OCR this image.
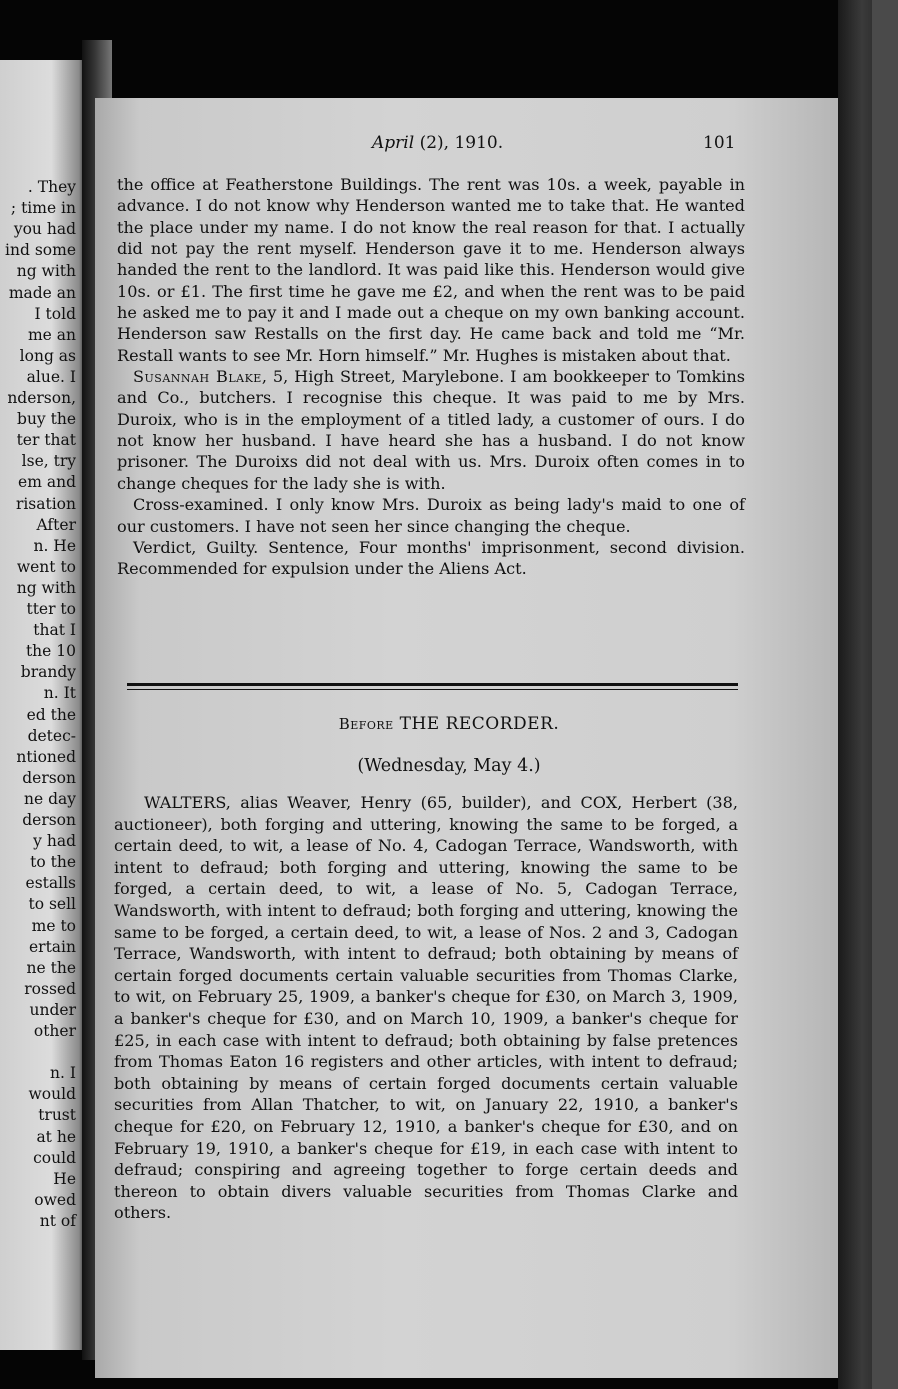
. They
; time in
you had
ind some
ng with
made an
I told
me an
long as
alue. I
nderson,
buy the
ter that
lse, try
em and
risation
After
n. He
went to
ng with
tter to
that I
the 10
brandy
n. It
ed the
detec-
ntioned
derson
ne day
derson
y had
to the
estalls
to sell
me to
ertain
ne the
rossed
under
other
n. I
would
trust
at he
could
He
owed
nt of
April (2), 1910.	101

the office at Featherstone Buildings. The rent was 10s. a week, payable in advance. I do not know why Henderson wanted me to take that. He wanted the place under my name. I do not know the real reason for that. I actually did not pay the rent myself. Henderson gave it to me. Henderson always handed the rent to the landlord. It was paid like this. Henderson would give 10s. or £1. The first time he gave me £2, and when the rent was to be paid he asked me to pay it and I made out a cheque on my own banking account. Henderson saw Restalls on the first day. He came back and told me “Mr. Restall wants to see Mr. Horn himself.” Mr. Hughes is mistaken about that.

Susannah Blake, 5, High Street, Marylebone. I am bookkeeper to Tomkins and Co., butchers. I recognise this cheque. It was paid to me by Mrs. Duroix, who is in the employment of a titled lady, a customer of ours. I do not know her husband. I have heard she has a husband. I do not know prisoner. The Duroixs did not deal with us. Mrs. Duroix often comes in to change cheques for the lady she is with.

Cross-examined. I only know Mrs. Duroix as being lady's maid to one of our customers. I have not seen her since changing the cheque.

Verdict, Guilty. Sentence, Four months' imprisonment, second division. Recommended for expulsion under the Aliens Act.

Before THE RECORDER.
(Wednesday, May 4.)

WALTERS, alias Weaver, Henry (65, builder), and COX, Herbert (38, auctioneer), both forging and uttering, knowing the same to be forged, a certain deed, to wit, a lease of No. 4, Cadogan Terrace, Wandsworth, with intent to defraud; both forging and uttering, knowing the same to be forged, a certain deed, to wit, a lease of No. 5, Cadogan Terrace, Wandsworth, with intent to defraud; both forging and uttering, knowing the same to be forged, a certain deed, to wit, a lease of Nos. 2 and 3, Cadogan Terrace, Wandsworth, with intent to defraud; both obtaining by means of certain forged documents certain valuable securities from Thomas Clarke, to wit, on February 25, 1909, a banker's cheque for £30, on March 3, 1909, a banker's cheque for £30, and on March 10, 1909, a banker's cheque for £25, in each case with intent to defraud; both obtaining by false pretences from Thomas Eaton 16 registers and other articles, with intent to defraud; both obtaining by means of certain forged documents certain valuable securities from Allan Thatcher, to wit, on January 22, 1910, a banker's cheque for £20, on February 12, 1910, a banker's cheque for £30, and on February 19, 1910, a banker's cheque for £19, in each case with intent to defraud; conspiring and agreeing together to forge certain deeds and thereon to obtain divers valuable securities from Thomas Clarke and others.
